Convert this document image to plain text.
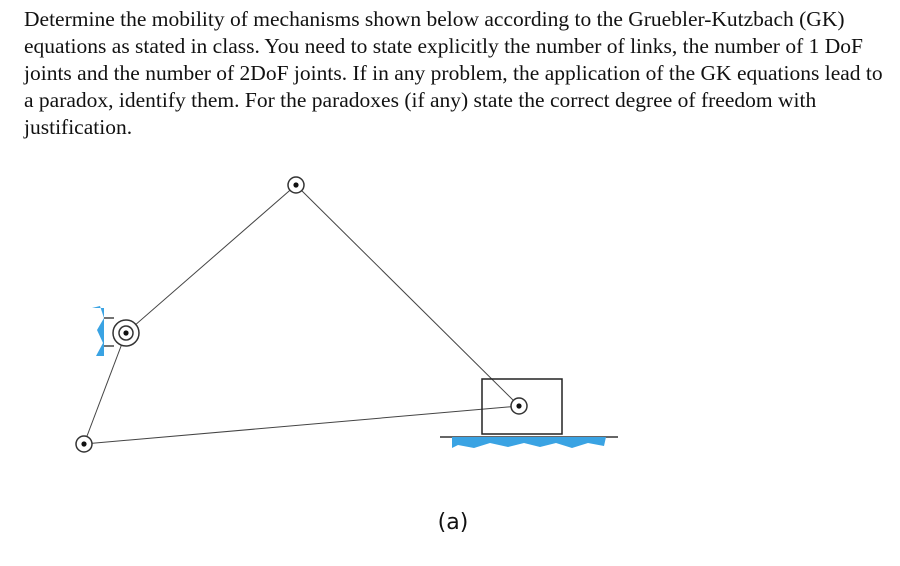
Determine the mobility of mechanisms shown below according to the Gruebler-Kutzbach (GK) equations as stated in class. You need to state explicitly the number of links, the number of 1 DoF joints and the number of 2DoF joints. If in any problem, the application of the GK equations lead to a paradox, identify them. For the paradoxes (if any) state the correct degree of freedom with justification.

(a)
